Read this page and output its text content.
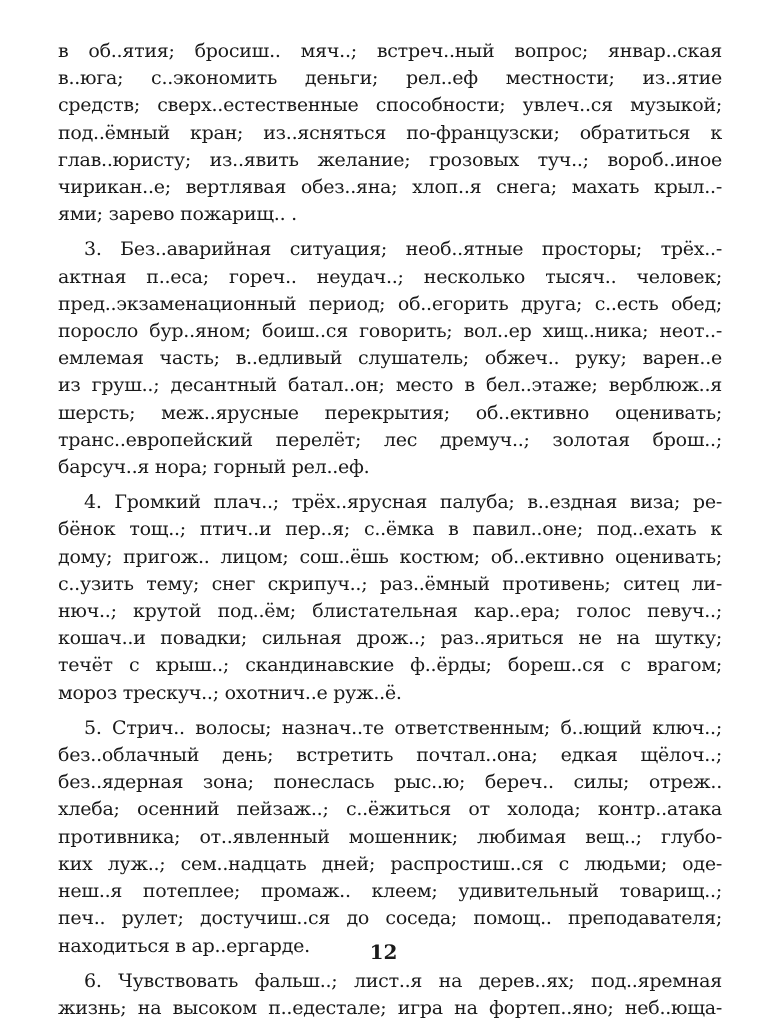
в об..ятия; бросиш.. мяч..; встреч..ный вопрос; январ..ская
в..юга; с..экономить деньги; рел..еф местности; из..ятие
средств; сверх..естественные способности; увлеч..ся музыкой;
под..ёмный кран; из..ясняться по-французски; обратиться к
глав..юристу; из..явить желание; грозовых туч..; вороб..иное
чирикан..е; вертлявая обез..яна; хлоп..я снега; махать крыл..-
ями; зарево пожарищ.. .
3. Без..аварийная ситуация; необ..ятные просторы; трёх..-
актная п..еса; гореч.. неудач..; несколько тысяч.. человек;
пред..экзаменационный период; об..егорить друга; с..есть обед;
поросло бур..яном; боиш..ся говорить; вол..ер хищ..ника; неот..-
емлемая часть; в..едливый слушатель; обжеч.. руку; варен..е
из груш..; десантный батал..он; место в бел..этаже; верблюж..я
шерсть; меж..ярусные перекрытия; об..ективно оценивать;
транс..европейский перелёт; лес дремуч..; золотая брош..;
барсуч..я нора; горный рел..еф.
4. Громкий плач..; трёх..ярусная палуба; в..ездная виза; ре-
бёнок тощ..; птич..и пер..я; с..ёмка в павил..оне; под..ехать к
дому; пригож.. лицом; сош..ёшь костюм; об..ективно оценивать;
с..узить тему; снег скрипуч..; раз..ёмный противень; ситец ли-
нюч..; крутой под..ём; блистательная кар..ера; голос певуч..;
кошач..и повадки; сильная дрож..; раз..яриться не на шутку;
течёт с крыш..; скандинавские ф..ёрды; бореш..ся с врагом;
мороз трескуч..; охотнич..е руж..ё.
5. Стрич.. волосы; назнач..те ответственным; б..ющий ключ..;
без..облачный день; встретить почтал..она; едкая щёлоч..;
без..ядерная зона; понеслась рыс..ю; береч.. силы; отреж..
хлеба; осенний пейзаж..; с..ёжиться от холода; контр..атака
противника; от..явленный мошенник; любимая вещ..; глубо-
ких луж..; сем..надцать дней; распростиш..ся с людьми; оде-
неш..я потеплее; промаж.. клеем; удивительный товарищ..;
печ.. рулет; достучиш..ся до соседа; помощ.. преподавателя;
находиться в ар..ергарде.
6. Чувствовать фальш..; лист..я на дерев..ях; под..яремная
жизнь; на высоком п..едестале; игра на фортеп..яно; неб..юща-
12
